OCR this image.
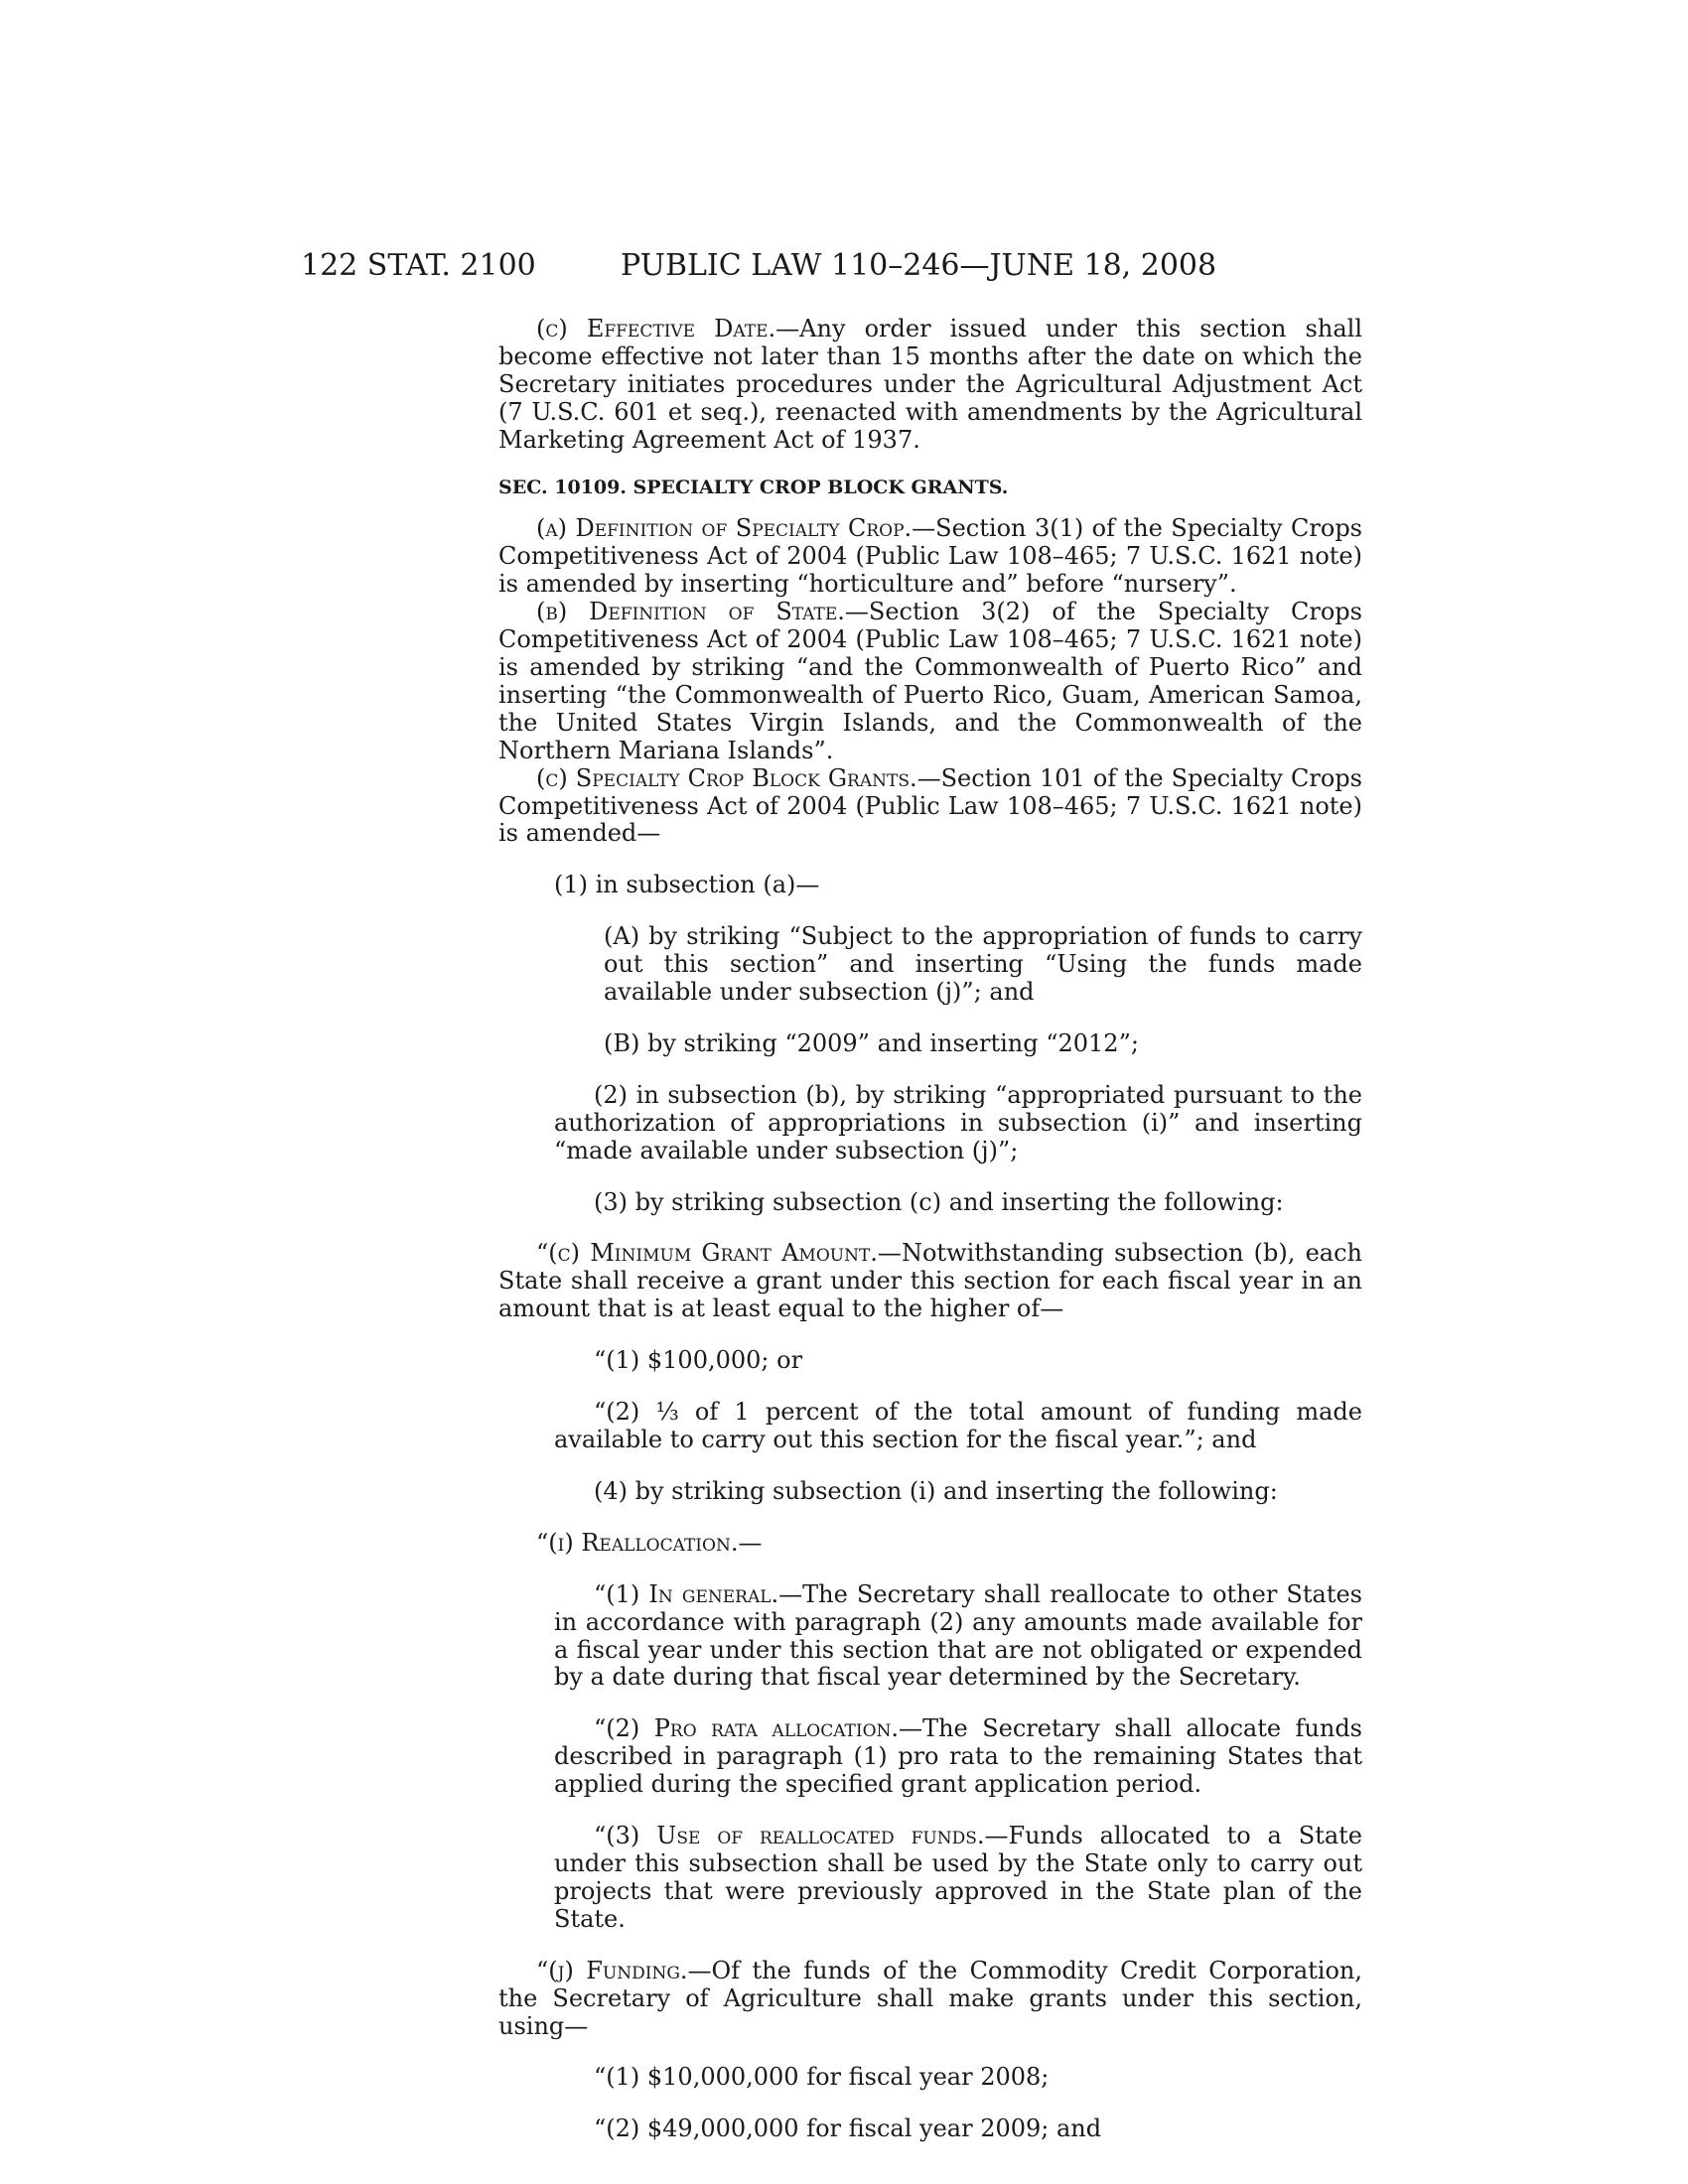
122 STAT. 2100	PUBLIC LAW 110–246—JUNE 18, 2008

(c) Effective Date.—Any order issued under this section shall become effective not later than 15 months after the date on which the Secretary initiates procedures under the Agricultural Adjustment Act (7 U.S.C. 601 et seq.), reenacted with amendments by the Agricultural Marketing Agreement Act of 1937.

SEC. 10109. SPECIALTY CROP BLOCK GRANTS.

(a) Definition of Specialty Crop.—Section 3(1) of the Specialty Crops Competitiveness Act of 2004 (Public Law 108–465; 7 U.S.C. 1621 note) is amended by inserting “horticulture and” before “nursery”.

(b) Definition of State.—Section 3(2) of the Specialty Crops Competitiveness Act of 2004 (Public Law 108–465; 7 U.S.C. 1621 note) is amended by striking “and the Commonwealth of Puerto Rico” and inserting “the Commonwealth of Puerto Rico, Guam, American Samoa, the United States Virgin Islands, and the Commonwealth of the Northern Mariana Islands”.

(c) Specialty Crop Block Grants.—Section 101 of the Specialty Crops Competitiveness Act of 2004 (Public Law 108–465; 7 U.S.C. 1621 note) is amended—

(1) in subsection (a)—

(A) by striking “Subject to the appropriation of funds to carry out this section” and inserting “Using the funds made available under subsection (j)”; and

(B) by striking “2009” and inserting “2012”;

(2) in subsection (b), by striking “appropriated pursuant to the authorization of appropriations in subsection (i)” and inserting “made available under subsection (j)”;

(3) by striking subsection (c) and inserting the following:

“(c) Minimum Grant Amount.—Notwithstanding subsection (b), each State shall receive a grant under this section for each fiscal year in an amount that is at least equal to the higher of—

“(1) $100,000; or

“(2) ⅓ of 1 percent of the total amount of funding made available to carry out this section for the fiscal year.”; and

(4) by striking subsection (i) and inserting the following:

“(i) Reallocation.—

“(1) In general.—The Secretary shall reallocate to other States in accordance with paragraph (2) any amounts made available for a fiscal year under this section that are not obligated or expended by a date during that fiscal year determined by the Secretary.

“(2) Pro rata allocation.—The Secretary shall allocate funds described in paragraph (1) pro rata to the remaining States that applied during the specified grant application period.

“(3) Use of reallocated funds.—Funds allocated to a State under this subsection shall be used by the State only to carry out projects that were previously approved in the State plan of the State.

“(j) Funding.—Of the funds of the Commodity Credit Corporation, the Secretary of Agriculture shall make grants under this section, using—

“(1) $10,000,000 for fiscal year 2008;

“(2) $49,000,000 for fiscal year 2009; and
